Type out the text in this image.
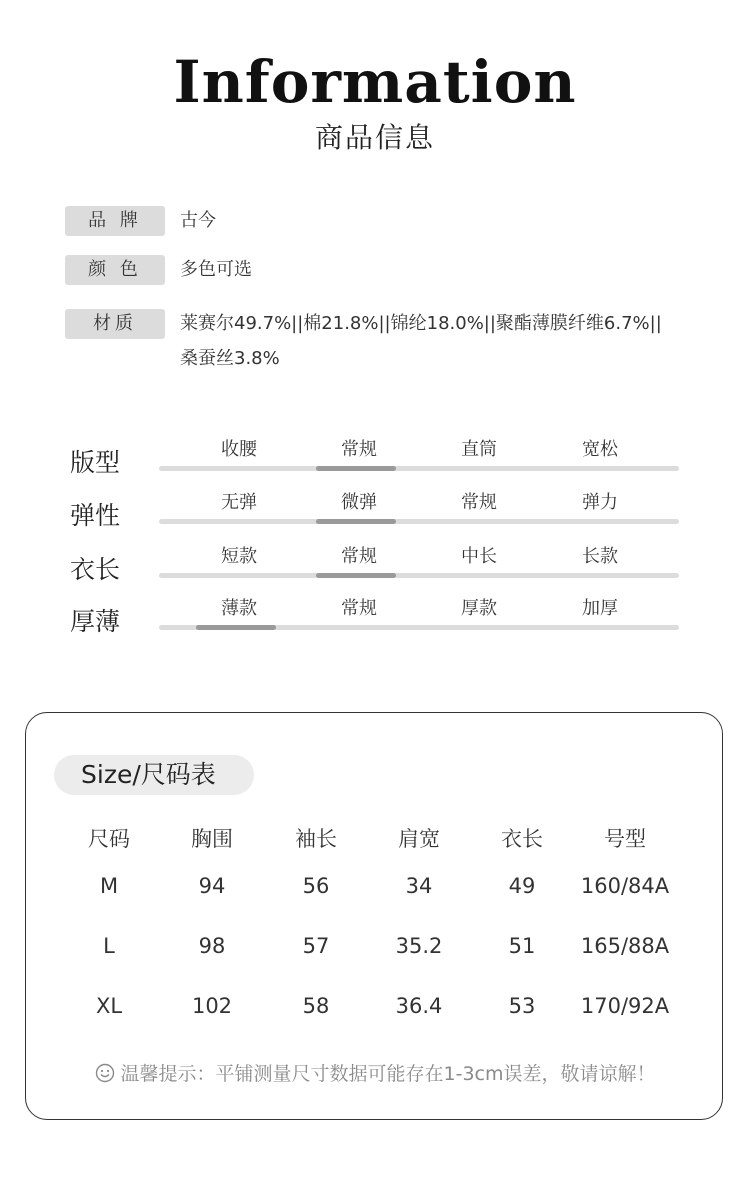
Information
商品信息
品 牌	古今
颜 色	多色可选
材质	莱赛尔49.7%||棉21.8%||锦纶18.0%||聚酯薄膜纤维6.7%||
桑蚕丝3.8%
版型	收腰	常规	直筒	宽松
弹性	无弹	微弹	常规	弹力
衣长	短款	常规	中长	长款
厚薄	薄款	常规	厚款	加厚
Size/尺码表
尺码	胸围	袖长	肩宽	衣长	号型
M	94	56	34	49	160/84A
L	98	57	35.2	51	165/88A
XL	102	58	36.4	53	170/92A
温馨提示：平铺测量尺寸数据可能存在1-3cm误差，敬请谅解！
